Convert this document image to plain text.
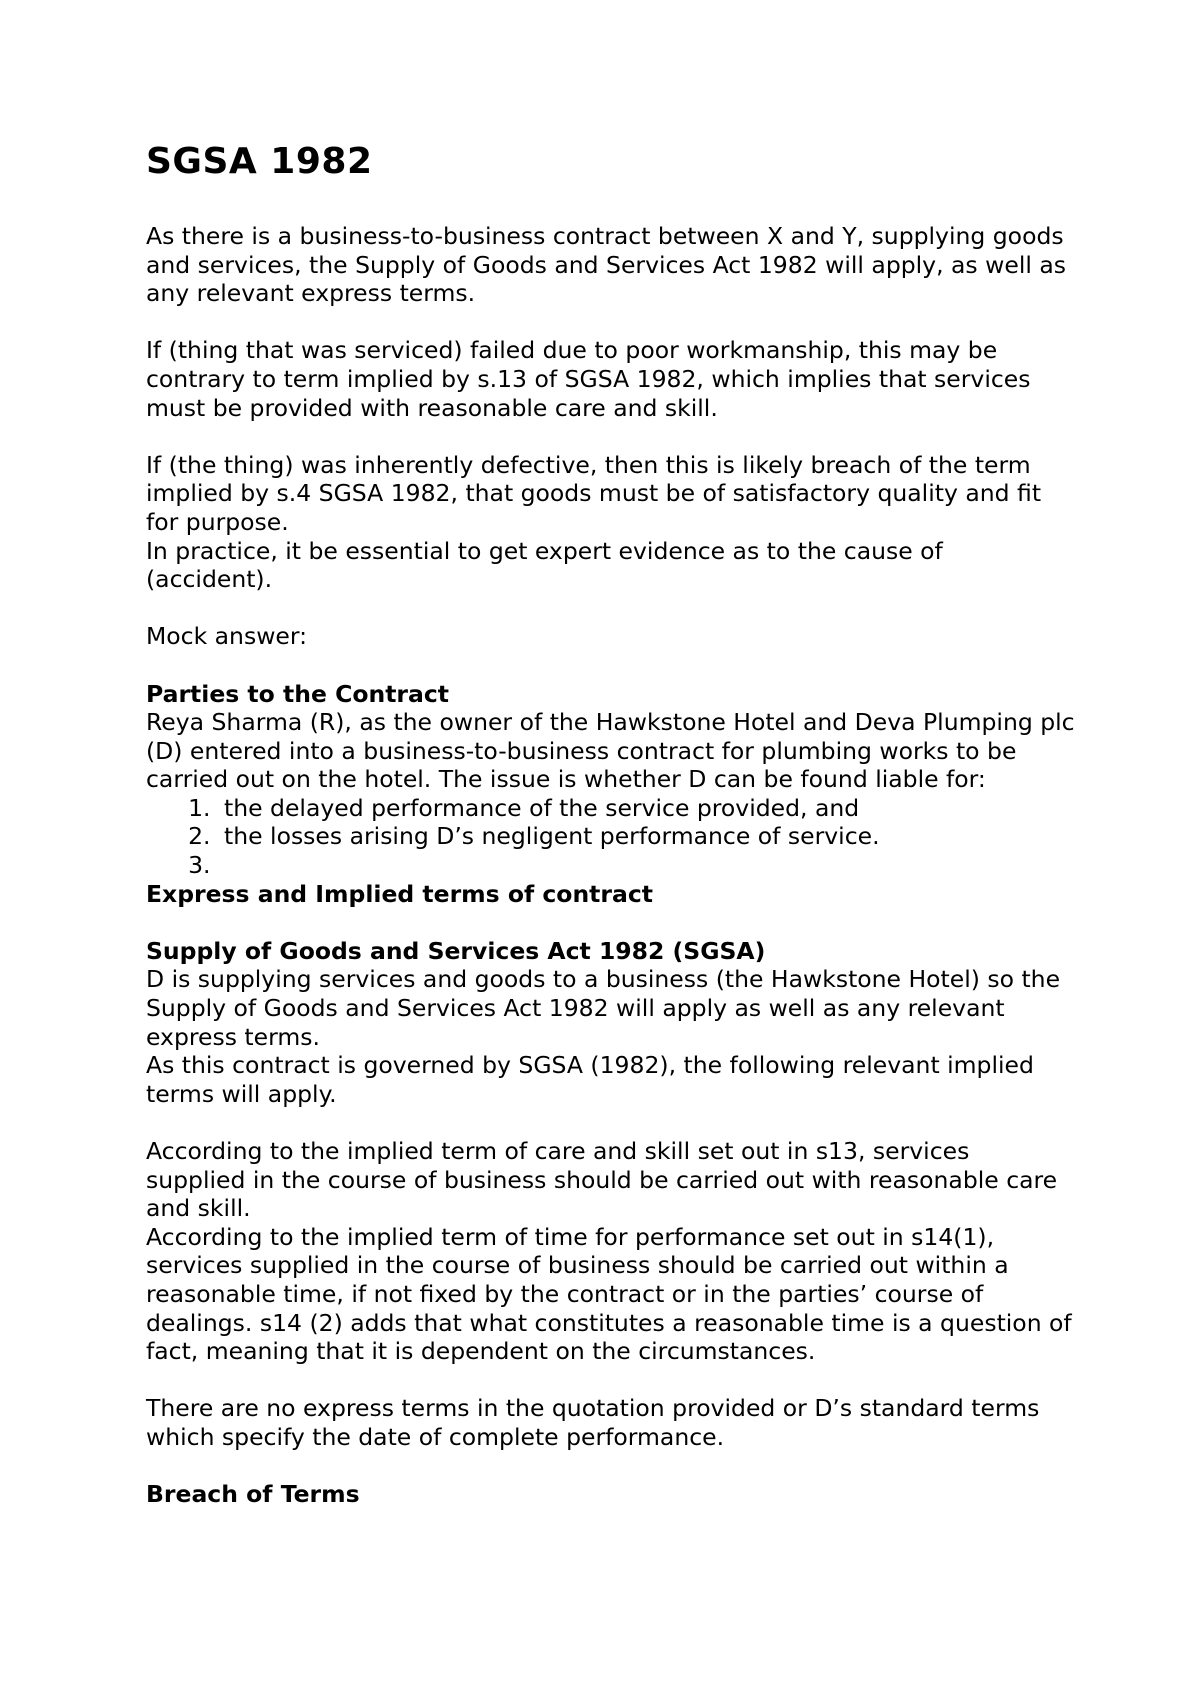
SGSA 1982

As there is a business-to-business contract between X and Y, supplying goods and services, the Supply of Goods and Services Act 1982 will apply, as well as any relevant express terms.

If (thing that was serviced) failed due to poor workmanship, this may be contrary to term implied by s.13 of SGSA 1982, which implies that services must be provided with reasonable care and skill.

If (the thing) was inherently defective, then this is likely breach of the term implied by s.4 SGSA 1982, that goods must be of satisfactory quality and fit for purpose.

In practice, it be essential to get expert evidence as to the cause of (accident).

Mock answer:

Parties to the Contract

Reya Sharma (R), as the owner of the Hawkstone Hotel and Deva Plumping plc (D) entered into a business-to-business contract for plumbing works to be carried out on the hotel. The issue is whether D can be found liable for:

1. the delayed performance of the service provided, and
2. the losses arising D’s negligent performance of service.
3.

Express and Implied terms of contract

Supply of Goods and Services Act 1982 (SGSA)

D is supplying services and goods to a business (the Hawkstone Hotel) so the Supply of Goods and Services Act 1982 will apply as well as any relevant express terms.

As this contract is governed by SGSA (1982), the following relevant implied terms will apply.

According to the implied term of care and skill set out in s13, services supplied in the course of business should be carried out with reasonable care and skill.

According to the implied term of time for performance set out in s14(1), services supplied in the course of business should be carried out within a reasonable time, if not fixed by the contract or in the parties’ course of dealings. s14 (2) adds that what constitutes a reasonable time is a question of fact, meaning that it is dependent on the circumstances.

There are no express terms in the quotation provided or D’s standard terms which specify the date of complete performance.

Breach of Terms
